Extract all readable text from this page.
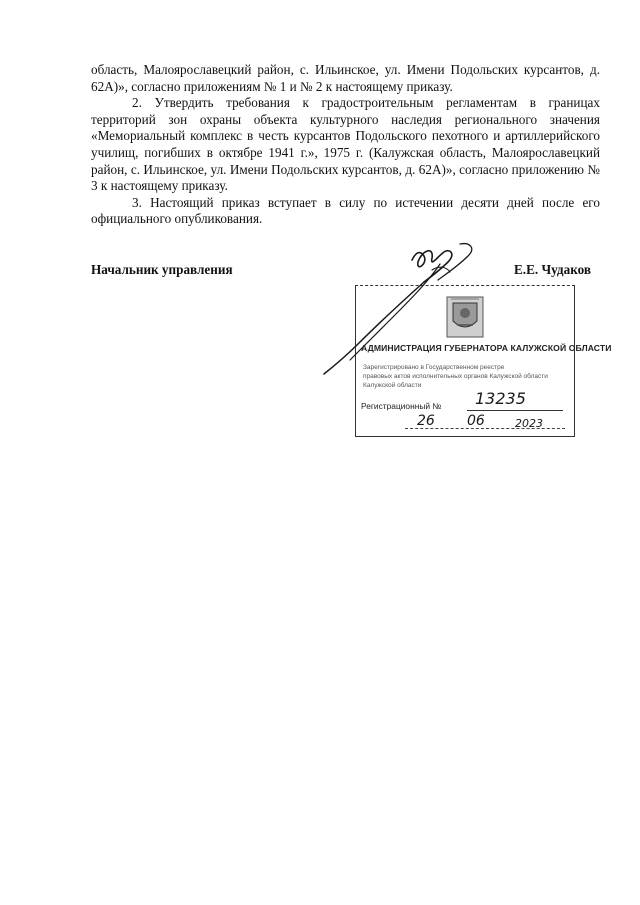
область, Малоярославецкий район, с. Ильинское, ул. Имени Подольских курсантов, д. 62А)», согласно приложениям № 1 и № 2 к настоящему приказу.

2. Утвердить требования к градостроительным регламентам в границах территорий зон охраны объекта культурного наследия регионального значения «Мемориальный комплекс в честь курсантов Подольского пехотного и артиллерийского училищ, погибших в октябре 1941 г.», 1975 г. (Калужская область, Малоярославецкий район, с. Ильинское, ул. Имени Подольских курсантов, д. 62А)», согласно приложению № 3 к настоящему приказу.

3. Настоящий приказ вступает в силу по истечении десяти дней после его официального опубликования.

Начальник управления	Е.Е. Чудаков
АДМИНИСТРАЦИЯ ГУБЕРНАТОРА КАЛУЖСКОЙ ОБЛАСТИ
Зарегистрировано в Государственном реестре
правовых актов исполнительных органов Калужской области
Калужской области
Регистрационный № 13235
26 06	2023
